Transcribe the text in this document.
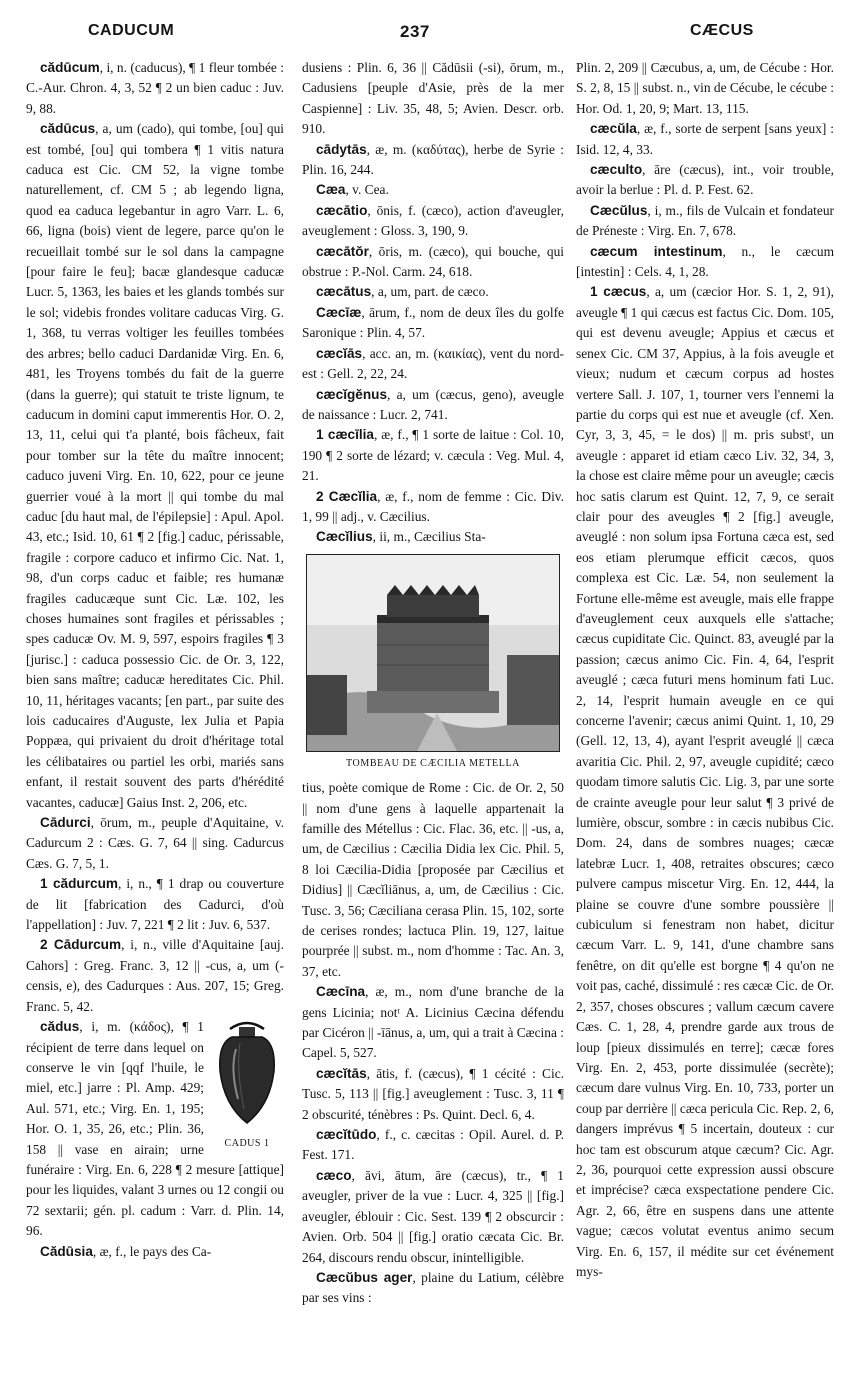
CADUCUM	237	CÆCUS

cădūcum, i, n. (caducus), ¶ 1 fleur tombée : C.-Aur. Chron. 4, 3, 52 ¶ 2 un bien caduc : Juv. 9, 88.

cădūcus, a, um (cado), qui tombe, [ou] qui est tombé, [ou] qui tombera ¶ 1 vitis natura caduca est Cic. CM 52, la vigne tombe naturellement, cf. CM 5 ; ab legendo ligna, quod ea caduca legebantur in agro Varr. L. 6, 66, ligna (bois) vient de legere, parce qu'on le recueillait tombé sur le sol dans la campagne [pour faire le feu]; bacæ glandesque caducæ Lucr. 5, 1363, les baies et les glands tombés sur le sol; videbis frondes volitare caducas Virg. G. 1, 368, tu verras voltiger les feuilles tombées des arbres; bello caduci Dardanidæ Virg. En. 6, 481, les Troyens tombés du fait de la guerre (dans la guerre); qui statuit te triste lignum, te caducum in domini caput immerentis Hor. O. 2, 13, 11, celui qui t'a planté, bois fâcheux, fait pour tomber sur la tête du maître innocent; caduco juveni Virg. En. 10, 622, pour ce jeune guerrier voué à la mort || qui tombe du mal caduc [du haut mal, de l'épilepsie] : Apul. Apol. 43, etc.; Isid. 10, 61 ¶ 2 [fig.] caduc, périssable, fragile : corpore caduco et infirmo Cic. Nat. 1, 98, d'un corps caduc et faible; res humanæ fragiles caducæque sunt Cic. Læ. 102, les choses humaines sont fragiles et périssables ; spes caducæ Ov. M. 9, 597, espoirs fragiles ¶ 3 [jurisc.] : caduca possessio Cic. de Or. 3, 122, bien sans maître; caducæ hereditates Cic. Phil. 10, 11, héritages vacants; [en part., par suite des lois caducaires d'Auguste, lex Julia et Papia Poppæa, qui privaient du droit d'héritage total les célibataires ou partiel les orbi, mariés sans enfant, il restait souvent des parts d'hérédité vacantes, caducæ] Gaius Inst. 2, 206, etc.

Cādurci, ōrum, m., peuple d'Aquitaine, v. Cadurcum 2 : Cæs. G. 7, 64 || sing. Cadurcus Cæs. G. 7, 5, 1.

1 cădurcum, i, n., ¶ 1 drap ou couverture de lit [fabrication des Cadurci, d'où l'appellation] : Juv. 7, 221 ¶ 2 lit : Juv. 6, 537.

2 Cādurcum, i, n., ville d'Aquitaine [auj. Cahors] : Greg. Franc. 3, 12 || -cus, a, um (-censis, e), des Cadurques : Aus. 207, 15; Greg. Franc. 5, 42.

CADUS 1

cădus, i, m. (κάδος), ¶ 1 récipient de terre dans lequel on conserve le vin [qqf l'huile, le miel, etc.] jarre : Pl. Amp. 429; Aul. 571, etc.; Virg. En. 1, 195; Hor. O. 1, 35, 26, etc.; Plin. 36, 158 || vase en airain; urne funéraire : Virg. En. 6, 228 ¶ 2 mesure [attique] pour les liquides, valant 3 urnes ou 12 congii ou 72 sextarii; gén. pl. cadum : Varr. d. Plin. 14, 96.

Cădūsia, æ, f., le pays des Ca-

dusiens : Plin. 6, 36 || Cădūsii (-si), ōrum, m., Cadusiens [peuple d'Asie, près de la mer Caspienne] : Liv. 35, 48, 5; Avien. Descr. orb. 910.

cādytās, æ, m. (καδύτας), herbe de Syrie : Plin. 16, 244.

Cæa, v. Cea.

cæcātio, ōnis, f. (cæco), action d'aveugler, aveuglement : Gloss. 3, 190, 9.

cæcātŏr, ōris, m. (cæco), qui bouche, qui obstrue : P.-Nol. Carm. 24, 618.

cæcātus, a, um, part. de cæco.

Cæcīæ, ārum, f., nom de deux îles du golfe Saronique : Plin. 4, 57.

cæcĭās, acc. an, m. (καικίας), vent du nord-est : Gell. 2, 22, 24.

cæcĭgĕnus, a, um (cæcus, geno), aveugle de naissance : Lucr. 2, 741.

1 cæcīlia, æ, f., ¶ 1 sorte de laitue : Col. 10, 190 ¶ 2 sorte de lézard; v. cæcula : Veg. Mul. 4, 21.

2 Cæcĭlia, æ, f., nom de femme : Cic. Div. 1, 99 || adj., v. Cæcilius.

Cæcĭlius, ii, m., Cæcilius Sta-

TOMBEAU DE CÆCILIA METELLA

tius, poète comique de Rome : Cic. de Or. 2, 50 || nom d'une gens à laquelle appartenait la famille des Métellus : Cic. Flac. 36, etc. || -us, a, um, de Cæcilius : Cæcilia Didia lex Cic. Phil. 5, 8 loi Cæcilia-Didia [proposée par Cæcilius et Didius] || Cæcĭliānus, a, um, de Cæcilius : Cic. Tusc. 3, 56; Cæciliana cerasa Plin. 15, 102, sorte de cerises rondes; lactuca Plin. 19, 127, laitue pourprée || subst. m., nom d'homme : Tac. An. 3, 37, etc.

Cæcīna, æ, m., nom d'une branche de la gens Licinia; notᵗ A. Licinius Cæcina défendu par Cicéron || -īānus, a, um, qui a trait à Cæcina : Capel. 5, 527.

cæcĭtās, ātis, f. (cæcus), ¶ 1 cécité : Cic. Tusc. 5, 113 || [fig.] aveuglement : Tusc. 3, 11 ¶ 2 obscurité, ténèbres : Ps. Quint. Decl. 6, 4.

cæcĭtūdo, f., c. cæcitas : Opil. Aurel. d. P. Fest. 171.

cæco, āvi, ātum, āre (cæcus), tr., ¶ 1 aveugler, priver de la vue : Lucr. 4, 325 || [fig.] aveugler, éblouir : Cic. Sest. 139 ¶ 2 obscurcir : Avien. Orb. 504 || [fig.] oratio cæcata Cic. Br. 264, discours rendu obscur, inintelligible.

Cæcŭbus ager, plaine du Latium, célèbre par ses vins :

Plin. 2, 209 || Cæcubus, a, um, de Cécube : Hor. S. 2, 8, 15 || subst. n., vin de Cécube, le cécube : Hor. Od. 1, 20, 9; Mart. 13, 115.

cæcŭla, æ, f., sorte de serpent [sans yeux] : Isid. 12, 4, 33.

cæculto, āre (cæcus), int., voir trouble, avoir la berlue : Pl. d. P. Fest. 62.

Cæcŭlus, i, m., fils de Vulcain et fondateur de Préneste : Virg. En. 7, 678.

cæcum intestinum, n., le cæcum [intestin] : Cels. 4, 1, 28.

1 cæcus, a, um (cæcior Hor. S. 1, 2, 91), aveugle ¶ 1 qui cæcus est factus Cic. Dom. 105, qui est devenu aveugle; Appius et cæcus et senex Cic. CM 37, Appius, à la fois aveugle et vieux; nudum et cæcum corpus ad hostes vertere Sall. J. 107, 1, tourner vers l'ennemi la partie du corps qui est nue et aveugle (cf. Xen. Cyr, 3, 3, 45, = le dos) || m. pris substᵗ, un aveugle : apparet id etiam cæco Liv. 32, 34, 3, la chose est claire même pour un aveugle; cæcis hoc satis clarum est Quint. 12, 7, 9, ce serait clair pour des aveugles ¶ 2 [fig.] aveugle, aveuglé : non solum ipsa Fortuna cæca est, sed eos etiam plerumque efficit cæcos, quos complexa est Cic. Læ. 54, non seulement la Fortune elle-même est aveugle, mais elle frappe d'aveuglement ceux auxquels elle s'attache; cæcus cupiditate Cic. Quinct. 83, aveuglé par la passion; cæcus animo Cic. Fin. 4, 64, l'esprit aveuglé ; cæca futuri mens hominum fati Luc. 2, 14, l'esprit humain aveugle en ce qui concerne l'avenir; cæcus animi Quint. 1, 10, 29 (Gell. 12, 13, 4), ayant l'esprit aveuglé || cæca avaritia Cic. Phil. 2, 97, aveugle cupidité; cæco quodam timore salutis Cic. Lig. 3, par une sorte de crainte aveugle pour leur salut ¶ 3 privé de lumière, obscur, sombre : in cæcis nubibus Cic. Dom. 24, dans de sombres nuages; cæcæ latebræ Lucr. 1, 408, retraites obscures; cæco pulvere campus miscetur Virg. En. 12, 444, la plaine se couvre d'une sombre poussière || cubiculum si fenestram non habet, dicitur cæcum Varr. L. 9, 141, d'une chambre sans fenêtre, on dit qu'elle est borgne ¶ 4 qu'on ne voit pas, caché, dissimulé : res cæcæ Cic. de Or. 2, 357, choses obscures ; vallum cæcum cavere Cæs. C. 1, 28, 4, prendre garde aux trous de loup [pieux dissimulés en terre]; cæcæ fores Virg. En. 2, 453, porte dissimulée (secrète); cæcum dare vulnus Virg. En. 10, 733, porter un coup par derrière || cæca pericula Cic. Rep. 2, 6, dangers imprévus ¶ 5 incertain, douteux : cur hoc tam est obscurum atque cæcum? Cic. Agr. 2, 36, pourquoi cette expression aussi obscure et imprécise? cæca exspectatione pendere Cic. Agr. 2, 66, être en suspens dans une attente vague; cæcos volutat eventus animo secum Virg. En. 6, 157, il médite sur cet événement mys-
